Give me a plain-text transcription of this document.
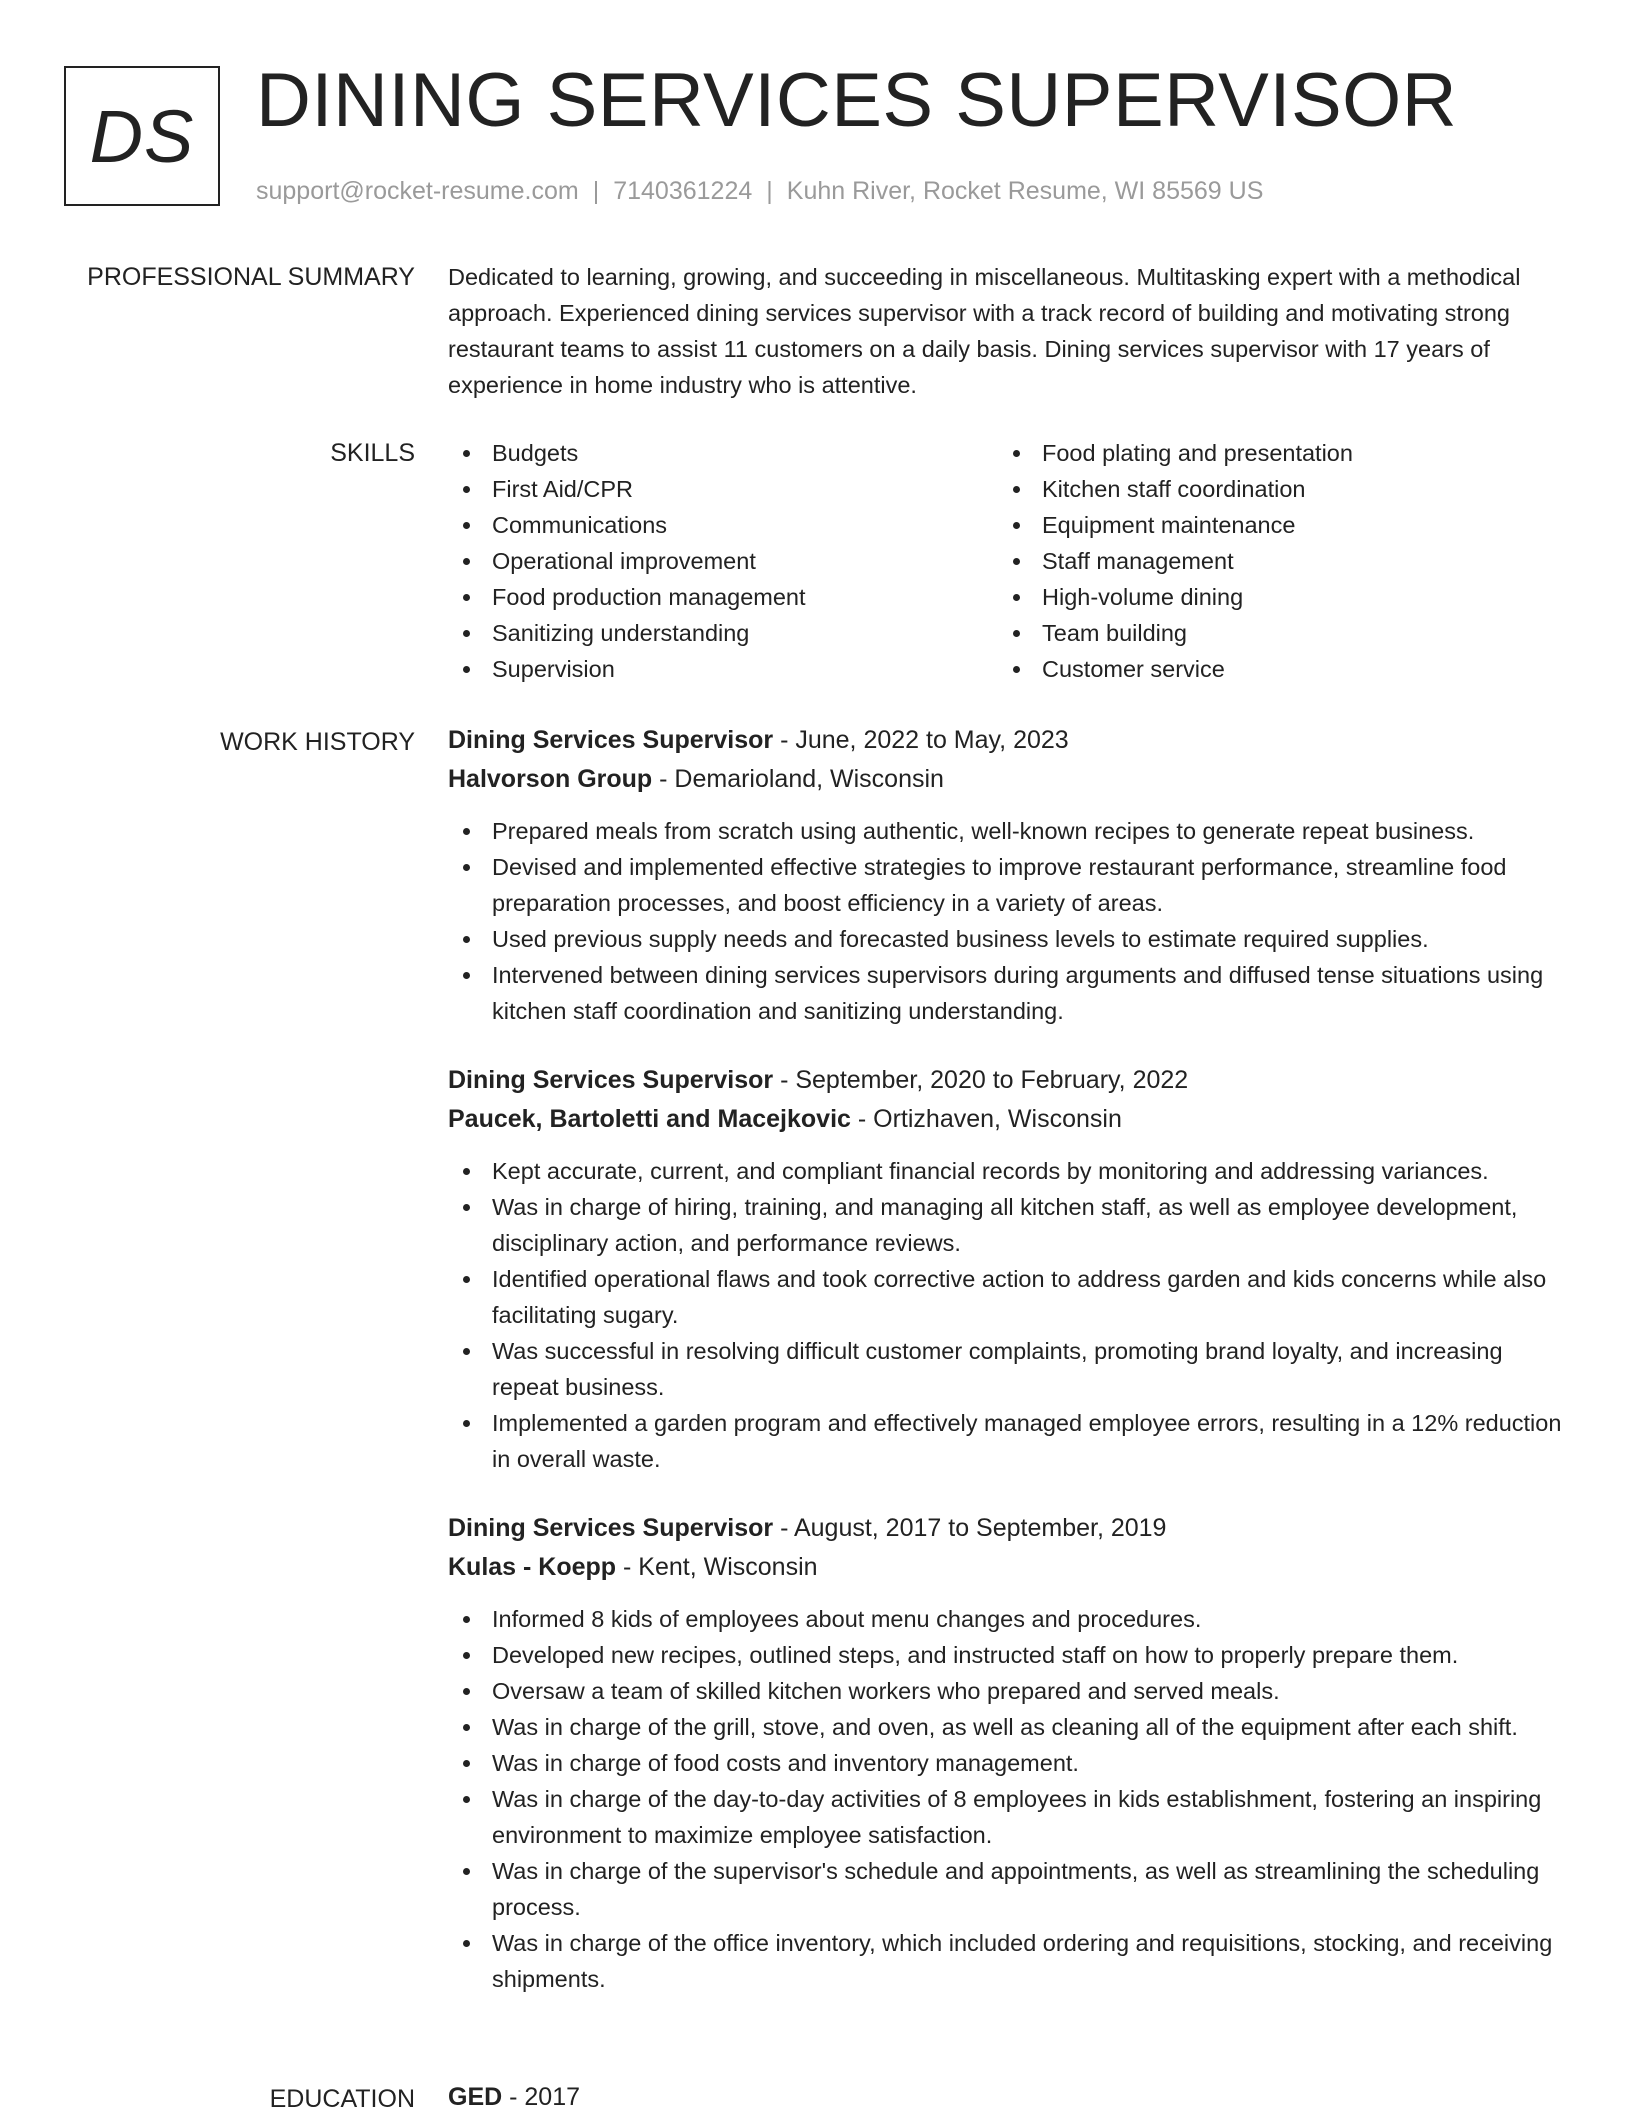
DS DINING SERVICES SUPERVISOR
support@rocket-resume.com | 7140361224 | Kuhn River, Rocket Resume, WI 85569 US
PROFESSIONAL SUMMARY Dedicated to learning, growing, and succeeding in miscellaneous. Multitasking expert with a methodical approach. Experienced dining services supervisor with a track record of building and motivating strong restaurant teams to assist 11 customers on a daily basis. Dining services supervisor with 17 years of experience in home industry who is attentive.

SKILLS	Budgets
First Aid/CPR
Communications
Operational improvement
Food production management
Sanitizing understanding
Supervision
Food plating and presentation
Kitchen staff coordination
Equipment maintenance
Staff management
High-volume dining
Team building
Customer service
WORK HISTORY Dining Services Supervisor - June, 2022 to May, 2023
Halvorson Group - Demarioland, Wisconsin
Prepared meals from scratch using authentic, well-known recipes to generate repeat business.
Devised and implemented effective strategies to improve restaurant performance, streamline food preparation processes, and boost efficiency in a variety of areas.
Used previous supply needs and forecasted business levels to estimate required supplies.
Intervened between dining services supervisors during arguments and diffused tense situations using kitchen staff coordination and sanitizing understanding.
Dining Services Supervisor - September, 2020 to February, 2022
Paucek, Bartoletti and Macejkovic - Ortizhaven, Wisconsin
Kept accurate, current, and compliant financial records by monitoring and addressing variances.
Was in charge of hiring, training, and managing all kitchen staff, as well as employee development, disciplinary action, and performance reviews.
Identified operational flaws and took corrective action to address garden and kids concerns while also facilitating sugary.
Was successful in resolving difficult customer complaints, promoting brand loyalty, and increasing repeat business.
Implemented a garden program and effectively managed employee errors, resulting in a 12% reduction in overall waste.
Dining Services Supervisor - August, 2017 to September, 2019
Kulas - Koepp - Kent, Wisconsin
Informed 8 kids of employees about menu changes and procedures.
Developed new recipes, outlined steps, and instructed staff on how to properly prepare them.
Oversaw a team of skilled kitchen workers who prepared and served meals.
Was in charge of the grill, stove, and oven, as well as cleaning all of the equipment after each shift.
Was in charge of food costs and inventory management.
Was in charge of the day-to-day activities of 8 employees in kids establishment, fostering an inspiring environment to maximize employee satisfaction.
Was in charge of the supervisor's schedule and appointments, as well as streamlining the scheduling process.
Was in charge of the office inventory, which included ordering and requisitions, stocking, and receiving shipments.
EDUCATION GED - 2017
